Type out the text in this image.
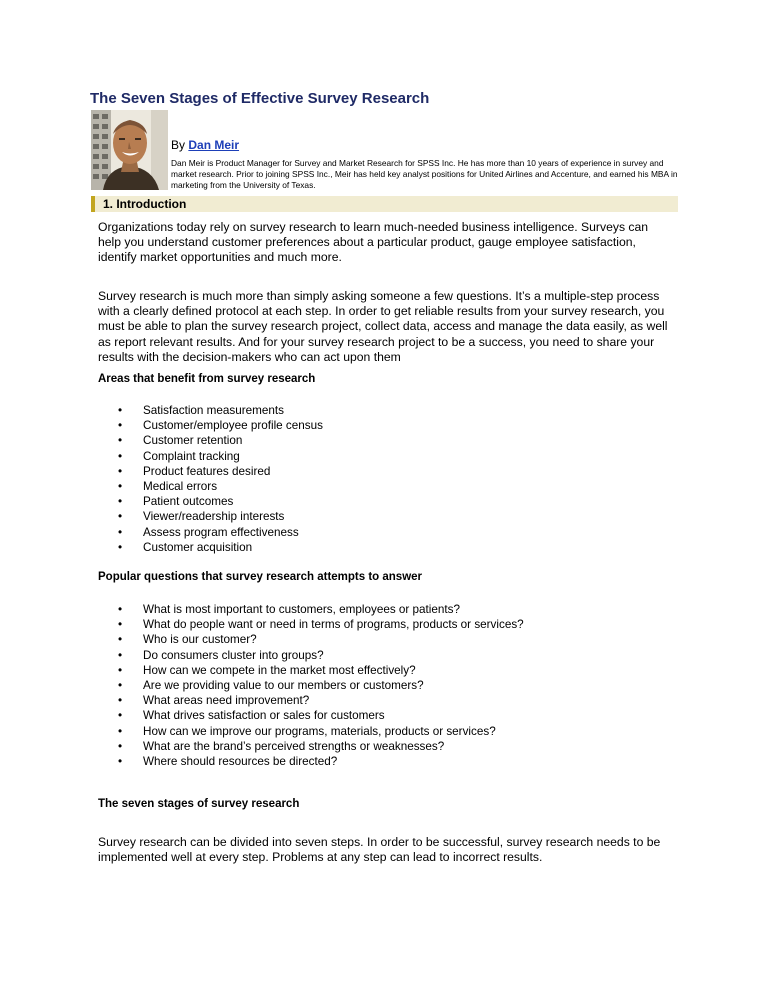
The Seven Stages of Effective Survey Research
By Dan Meir
Dan Meir is Product Manager for Survey and Market Research for SPSS Inc. He has more than 10 years of experience in survey and market research. Prior to joining SPSS Inc., Meir has held key analyst positions for United Airlines and Accenture, and earned his MBA in marketing from the University of Texas.
1. Introduction

Organizations today rely on survey research to learn much-needed business intelligence. Surveys can help you understand customer preferences about a particular product, gauge employee satisfaction, identify market opportunities and much more.

Survey research is much more than simply asking someone a few questions. It’s a multiple-step process with a clearly defined protocol at each step. In order to get reliable results from your survey research, you must be able to plan the survey research project, collect data, access and manage the data easily, as well as report relevant results. And for your survey research project to be a success, you need to share your results with the decision-makers who can act upon them

Areas that benefit from survey research

• Satisfaction measurements
• Customer/employee profile census
• Customer retention
• Complaint tracking
• Product features desired
• Medical errors
• Patient outcomes
• Viewer/readership interests
• Assess program effectiveness
• Customer acquisition

Popular questions that survey research attempts to answer

• What is most important to customers, employees or patients?
• What do people want or need in terms of programs, products or services?
• Who is our customer?
• Do consumers cluster into groups?
• How can we compete in the market most effectively?
• Are we providing value to our members or customers?
• What areas need improvement?
• What drives satisfaction or sales for customers
• How can we improve our programs, materials, products or services?
• What are the brand’s perceived strengths or weaknesses?
• Where should resources be directed?

The seven stages of survey research

Survey research can be divided into seven steps. In order to be successful, survey research needs to be implemented well at every step. Problems at any step can lead to incorrect results.
